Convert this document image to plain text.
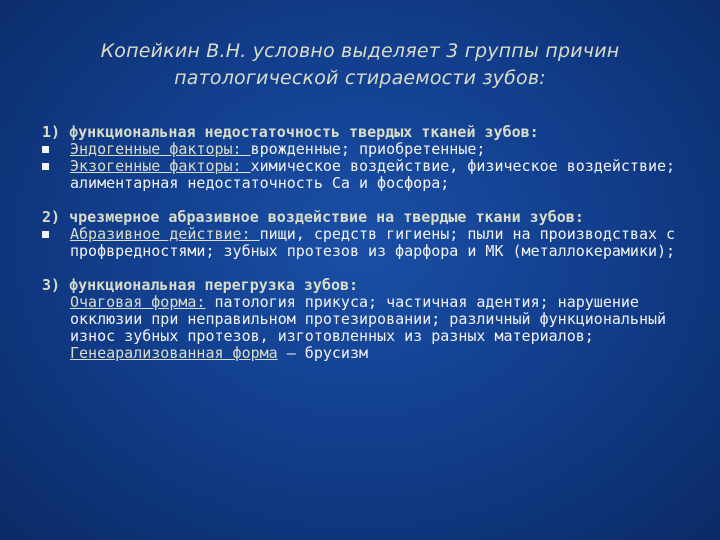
Копейкин В.Н. условно выделяет 3 группы причин
патологической стираемости зубов:
1) функциональная недостаточность твердых тканей зубов:
Эндогенные факторы: врожденные; приобретенные;
Экзогенные факторы: химическое воздействие, физическое воздействие; алиментарная недостаточность Са и фосфора;
2) чрезмерное абразивное воздействие на твердые ткани зубов:
Абразивное действие: пищи, средств гигиены; пыли на производствах с профвредностями; зубных протезов из фарфора и МК (металлокерамики);
3) функциональная перегрузка зубов:
Очаговая форма: патология прикуса; частичная адентия; нарушение окклюзии при неправильном протезировании; различный функциональный износ зубных протезов, изготовленных из разных материалов;
Генеарализованная форма — брусизм
